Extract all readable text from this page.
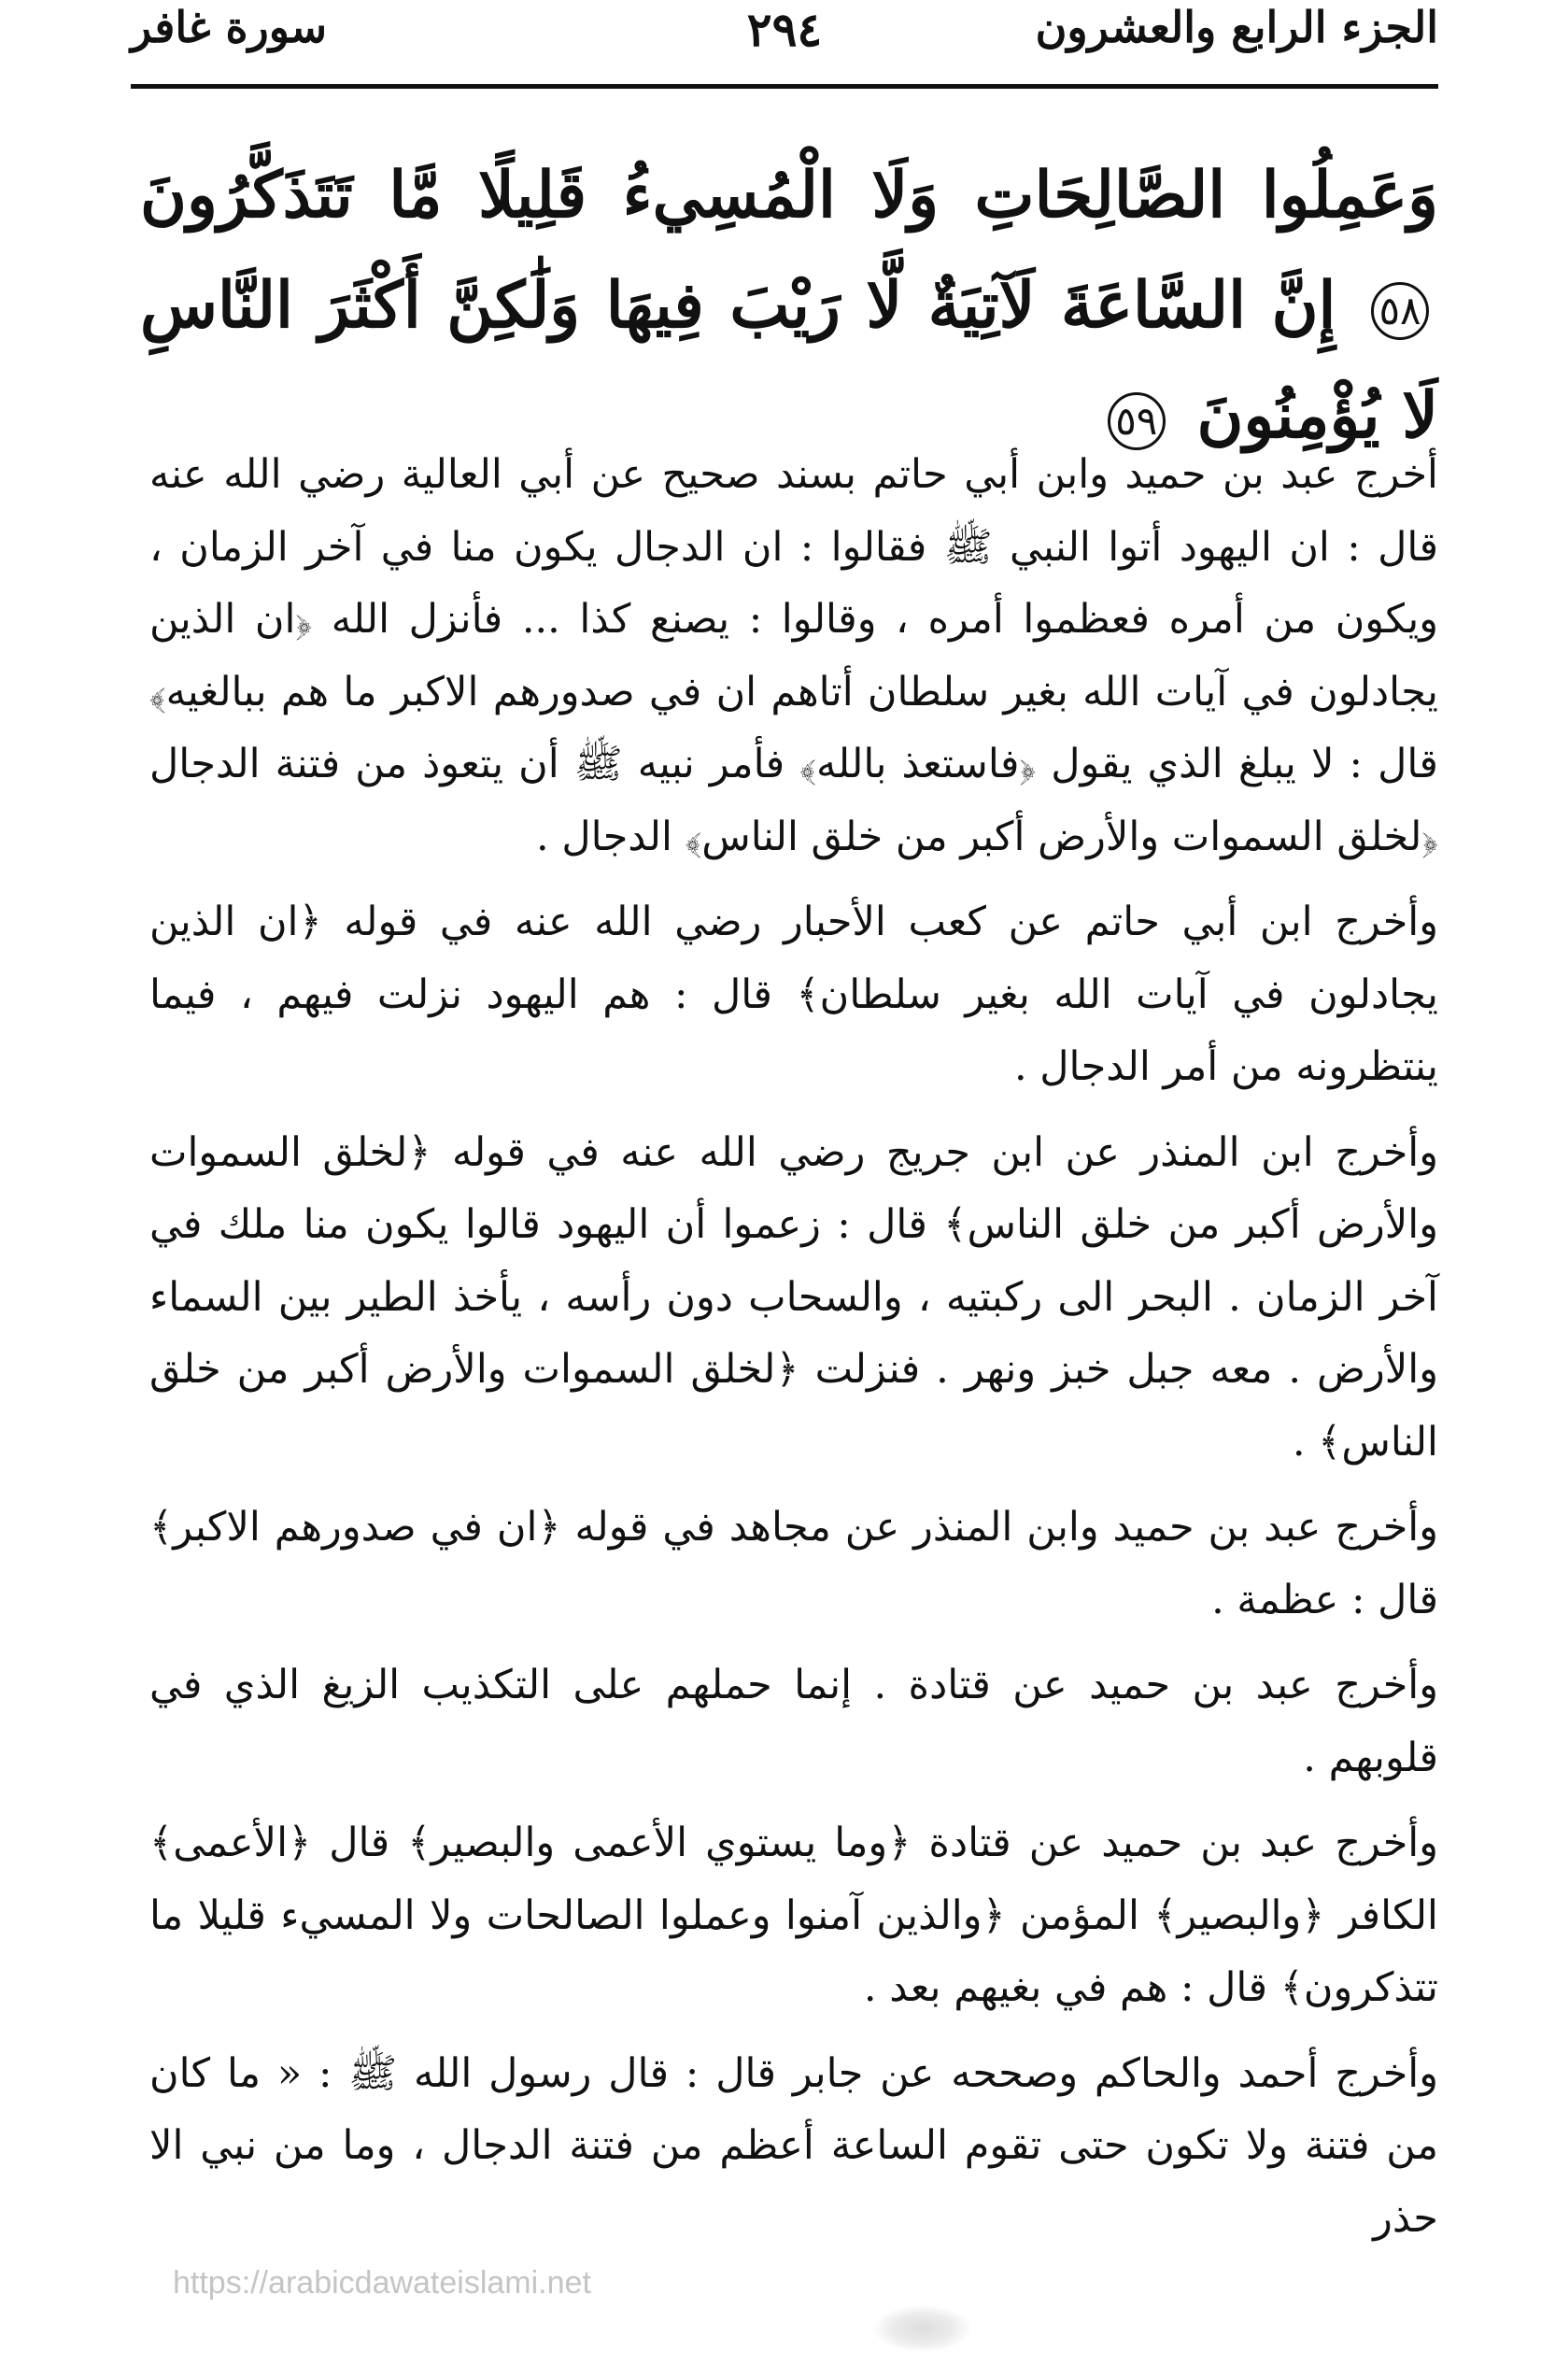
الجزء الرابع والعشرون
٢٩٤
سورة غافر
وَعَمِلُوا الصَّالِحَاتِ وَلَا الْمُسِيءُ قَلِيلًا مَّا تَتَذَكَّرُونَ ٥٨ إِنَّ السَّاعَةَ لَآتِيَةٌ لَّا رَيْبَ فِيهَا وَلَٰكِنَّ أَكْثَرَ النَّاسِ لَا يُؤْمِنُونَ ٥٩

أخرج عبد بن حميد وابن أبي حاتم بسند صحيح عن أبي العالية رضي الله عنه قال : ان اليهود أتوا النبي ﷺ فقالوا : ان الدجال يكون منا في آخر الزمان ، ويكون من أمره فعظموا أمره ، وقالوا : يصنع كذا ... فأنزل الله ﴿ان الذين يجادلون في آيات الله بغير سلطان أتاهم ان في صدورهم الاكبر ما هم ببالغيه﴾ قال : لا يبلغ الذي يقول ﴿فاستعذ بالله﴾ فأمر نبيه ﷺ أن يتعوذ من فتنة الدجال ﴿لخلق السموات والأرض أكبر من خلق الناس﴾ الدجال .

وأخرج ابن أبي حاتم عن كعب الأحبار رضي الله عنه في قوله ﴿ان الذين يجادلون في آيات الله بغير سلطان﴾ قال : هم اليهود نزلت فيهم ، فيما ينتظرونه من أمر الدجال .

وأخرج ابن المنذر عن ابن جريج رضي الله عنه في قوله ﴿لخلق السموات والأرض أكبر من خلق الناس﴾ قال : زعموا أن اليهود قالوا يكون منا ملك في آخر الزمان . البحر الى ركبتيه ، والسحاب دون رأسه ، يأخذ الطير بين السماء والأرض . معه جبل خبز ونهر . فنزلت ﴿لخلق السموات والأرض أكبر من خلق الناس﴾ .

وأخرج عبد بن حميد وابن المنذر عن مجاهد في قوله ﴿ان في صدورهم الاكبر﴾ قال : عظمة .

وأخرج عبد بن حميد عن قتادة . إنما حملهم على التكذيب الزيغ الذي في قلوبهم .

وأخرج عبد بن حميد عن قتادة ﴿وما يستوي الأعمى والبصير﴾ قال ﴿الأعمى﴾ الكافر ﴿والبصير﴾ المؤمن ﴿والذين آمنوا وعملوا الصالحات ولا المسيء قليلا ما تتذكرون﴾ قال : هم في بغيهم بعد .

وأخرج أحمد والحاكم وصححه عن جابر قال : قال رسول الله ﷺ : « ما كان من فتنة ولا تكون حتى تقوم الساعة أعظم من فتنة الدجال ، وما من نبي الا حذر

https://arabicdawateislami.net
